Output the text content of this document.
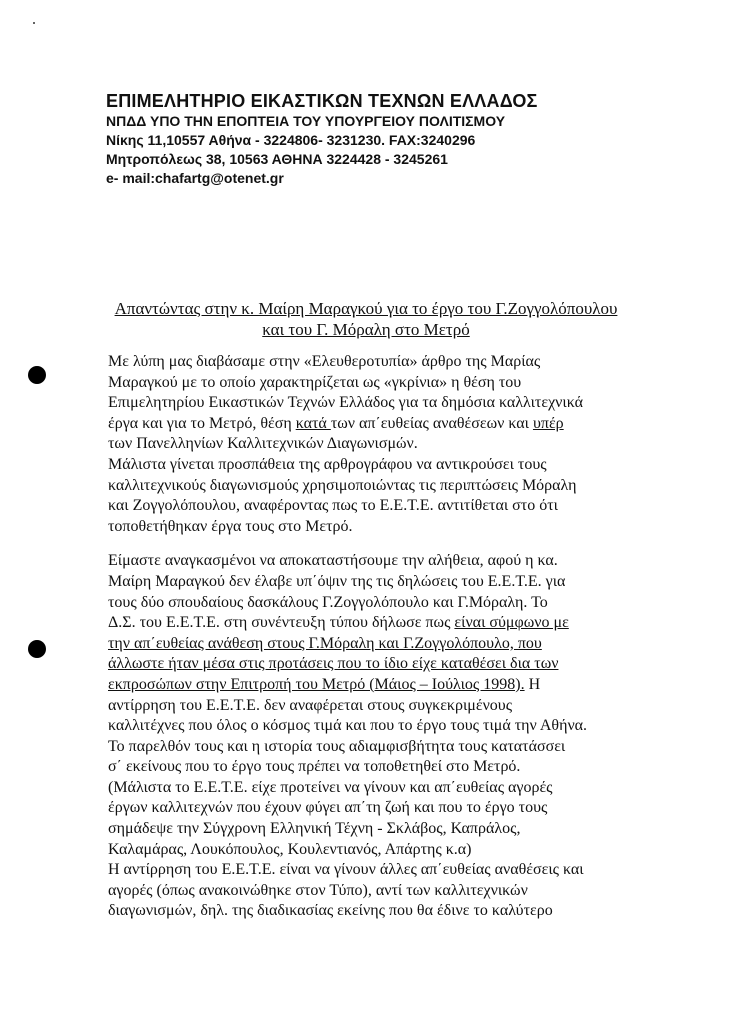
ΕΠΙΜΕΛΗΤΗΡΙΟ ΕΙΚΑΣΤΙΚΩΝ ΤΕΧΝΩΝ ΕΛΛΑΔΟΣ
ΝΠΔΔ ΥΠΟ ΤΗΝ ΕΠΟΠΤΕΙΑ ΤΟΥ ΥΠΟΥΡΓΕΙΟΥ ΠΟΛΙΤΙΣΜΟΥ
Νίκης 11,10557 Αθήνα - 3224806- 3231230. FAX:3240296
Μητροπόλεως 38, 10563 ΑΘΗΝΑ 3224428 - 3245261
e- mail:chafartg@otenet.gr
Απαντώντας στην κ. Μαίρη Μαραγκού για το έργο του Γ.Ζογγολόπουλου
και του Γ. Μόραλη στο Μετρό
Με λύπη μας διαβάσαμε στην «Ελευθεροτυπία» άρθρο της Μαρίας
Μαραγκού με το οποίο χαρακτηρίζεται ως «γκρίνια» η θέση του
Επιμελητηρίου Εικαστικών Τεχνών Ελλάδος για τα δημόσια καλλιτεχνικά
έργα και για το Μετρό, θέση κατά των απ΄ευθείας αναθέσεων και υπέρ
των Πανελληνίων Καλλιτεχνικών Διαγωνισμών.
Μάλιστα γίνεται προσπάθεια της αρθρογράφου να αντικρούσει τους
καλλιτεχνικούς διαγωνισμούς χρησιμοποιώντας τις περιπτώσεις Μόραλη
και Ζογγολόπουλου, αναφέροντας πως το Ε.Ε.Τ.Ε. αντιτίθεται στο ότι
τοποθετήθηκαν έργα τους στο Μετρό.
Είμαστε αναγκασμένοι να αποκαταστήσουμε την αλήθεια, αφού η κα.
Μαίρη Μαραγκού δεν έλαβε υπ΄όψιν της τις δηλώσεις του Ε.Ε.Τ.Ε. για
τους δύο σπουδαίους δασκάλους Γ.Ζογγολόπουλο και Γ.Μόραλη. Το
Δ.Σ. του Ε.Ε.Τ.Ε. στη συνέντευξη τύπου δήλωσε πως είναι σύμφωνο με
την απ΄ευθείας ανάθεση στους Γ.Μόραλη και Γ.Ζογγολόπουλο, που
άλλωστε ήταν μέσα στις προτάσεις που το ίδιο είχε καταθέσει δια των
εκπροσώπων στην Επιτροπή του Μετρό (Μάιος – Ιούλιος 1998). Η
αντίρρηση του Ε.Ε.Τ.Ε. δεν αναφέρεται στους συγκεκριμένους
καλλιτέχνες που όλος ο κόσμος τιμά και που το έργο τους τιμά την Αθήνα.
Το παρελθόν τους και η ιστορία τους αδιαμφισβήτητα τους κατατάσσει
σ΄ εκείνους που το έργο τους πρέπει να τοποθετηθεί στο Μετρό.
(Μάλιστα το Ε.Ε.Τ.Ε. είχε προτείνει να γίνουν και απ΄ευθείας αγορές
έργων καλλιτεχνών που έχουν φύγει απ΄τη ζωή και που το έργο τους
σημάδεψε την Σύγχρονη Ελληνική Τέχνη - Σκλάβος, Καπράλος,
Καλαμάρας, Λουκόπουλος, Κουλεντιανός, Απάρτης κ.α)
Η αντίρρηση του Ε.Ε.Τ.Ε. είναι να γίνουν άλλες απ΄ευθείας αναθέσεις και
αγορές (όπως ανακοινώθηκε στον Τύπο), αντί των καλλιτεχνικών
διαγωνισμών, δηλ. της διαδικασίας εκείνης που θα έδινε το καλύτερο
